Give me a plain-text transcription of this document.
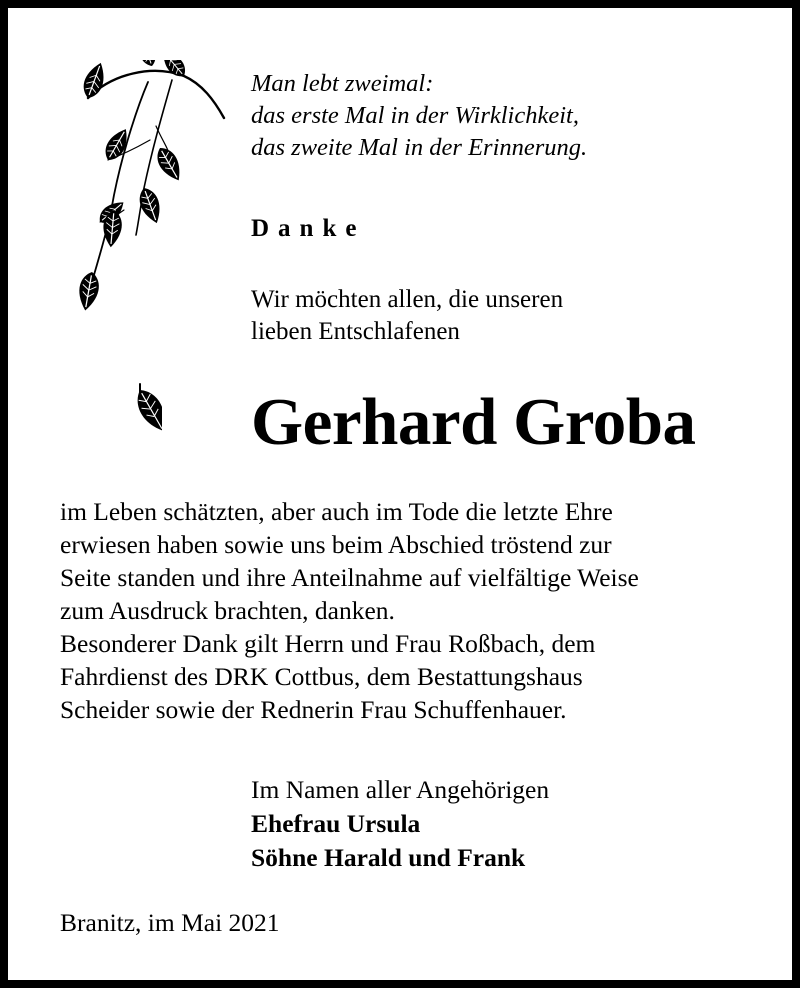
Man lebt zweimal:
das erste Mal in der Wirklichkeit,
das zweite Mal in der Erinnerung.
Danke
Wir möchten allen, die unseren
lieben Entschlafenen
Gerhard Groba
im Leben schätzten, aber auch im Tode die letzte Ehre
erwiesen haben sowie uns beim Abschied tröstend zur
Seite standen und ihre Anteilnahme auf vielfältige Weise
zum Ausdruck brachten, danken.
Besonderer Dank gilt Herrn und Frau Roßbach, dem
Fahrdienst des DRK Cottbus, dem Bestattungshaus
Scheider sowie der Rednerin Frau Schuffenhauer.
Im Namen aller Angehörigen
Ehefrau Ursula
Söhne Harald und Frank
Branitz, im Mai 2021
